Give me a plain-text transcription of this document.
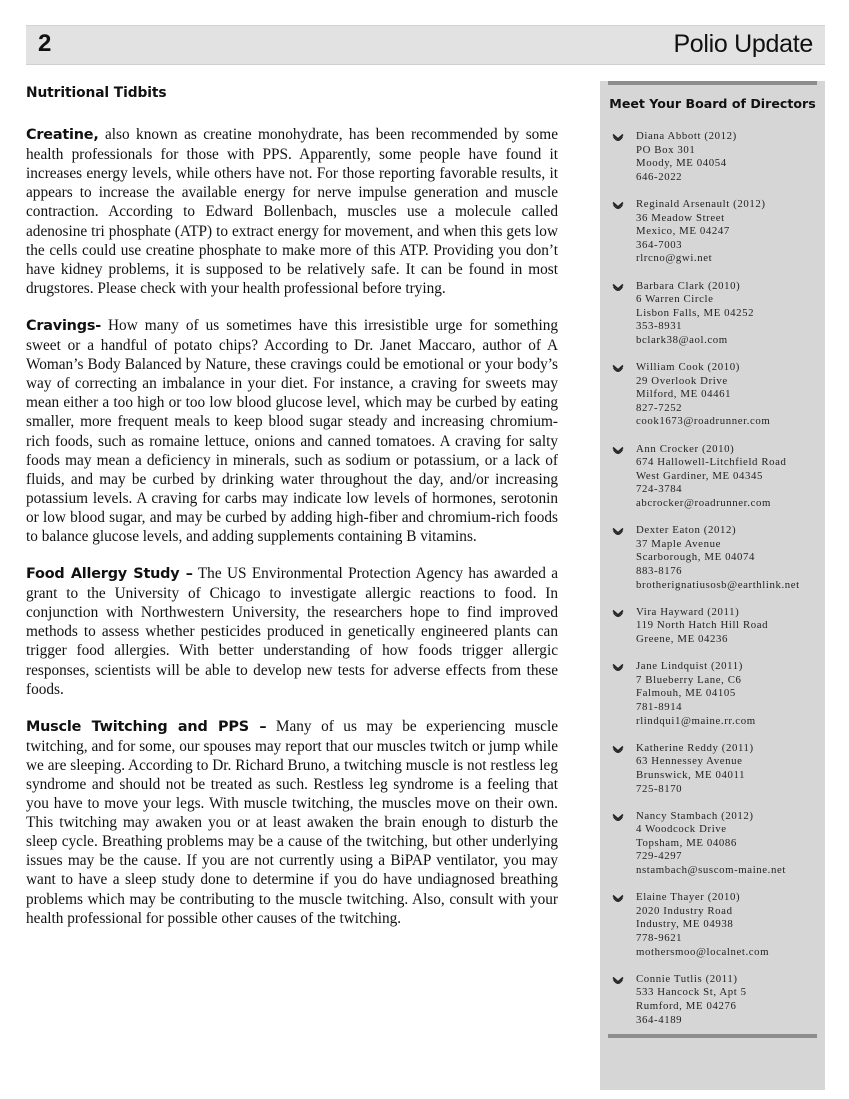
2	Polio Update
Nutritional Tidbits

Creatine, also known as creatine monohydrate, has been recommended by some health professionals for those with PPS. Apparently, some people have found it increases energy levels, while others have not. For those reporting favorable results, it appears to increase the available energy for nerve impulse generation and muscle contraction. According to Edward Bollenbach, muscles use a molecule called adenosine tri phosphate (ATP) to extract energy for movement, and when this gets low the cells could use creatine phosphate to make more of this ATP. Providing you don’t have kidney problems, it is supposed to be relatively safe. It can be found in most drugstores. Please check with your health professional before trying.

Cravings- How many of us sometimes have this irresistible urge for something sweet or a handful of potato chips? According to Dr. Janet Maccaro, author of A Woman’s Body Balanced by Nature, these cravings could be emotional or your body’s way of correcting an imbalance in your diet. For instance, a craving for sweets may mean either a too high or too low blood glucose level, which may be curbed by eating smaller, more frequent meals to keep blood sugar steady and increasing chromium-rich foods, such as romaine lettuce, onions and canned tomatoes. A craving for salty foods may mean a deficiency in minerals, such as sodium or potassium, or a lack of fluids, and may be curbed by drinking water throughout the day, and/or increasing potassium levels. A craving for carbs may indicate low levels of hormones, serotonin or low blood sugar, and may be curbed by adding high-fiber and chromium-rich foods to balance glucose levels, and adding supplements containing B vitamins.

Food Allergy Study – The US Environmental Protection Agency has awarded a grant to the University of Chicago to investigate allergic reactions to food. In conjunction with Northwestern University, the researchers hope to find improved methods to assess whether pesticides produced in genetically engineered plants can trigger food allergies. With better understanding of how foods trigger allergic responses, scientists will be able to develop new tests for adverse effects from these foods.

Muscle Twitching and PPS – Many of us may be experiencing muscle twitching, and for some, our spouses may report that our muscles twitch or jump while we are sleeping. According to Dr. Richard Bruno, a twitching muscle is not restless leg syndrome and should not be treated as such. Restless leg syndrome is a feeling that you have to move your legs. With muscle twitching, the muscles move on their own. This twitching may awaken you or at least awaken the brain enough to disturb the sleep cycle. Breathing problems may be a cause of the twitching, but other underlying issues may be the cause. If you are not currently using a BiPAP ventilator, you may want to have a sleep study done to determine if you do have undiagnosed breathing problems which may be contributing to the muscle twitching. Also, consult with your health professional for possible other causes of the twitching.

Meet Your Board of Directors
Diana Abbott (2012)
PO Box 301
Moody, ME 04054
646-2022
Reginald Arsenault (2012)
36 Meadow Street
Mexico, ME 04247
364-7003
rlrcno@gwi.net
Barbara Clark (2010)
6 Warren Circle
Lisbon Falls, ME 04252
353-8931
bclark38@aol.com
William Cook (2010)
29 Overlook Drive
Milford, ME 04461
827-7252
cook1673@roadrunner.com
Ann Crocker (2010)
674 Hallowell-Litchfield Road
West Gardiner, ME 04345
724-3784
abcrocker@roadrunner.com
Dexter Eaton (2012)
37 Maple Avenue
Scarborough, ME 04074
883-8176
brotherignatiusosb@earthlink.net
Vira Hayward (2011)
119 North Hatch Hill Road
Greene, ME 04236
Jane Lindquist (2011)
7 Blueberry Lane, C6
Falmouh, ME 04105
781-8914
rlindqui1@maine.rr.com
Katherine Reddy (2011)
63 Hennessey Avenue
Brunswick, ME 04011
725-8170
Nancy Stambach (2012)
4 Woodcock Drive
Topsham, ME 04086
729-4297
nstambach@suscom-maine.net
Elaine Thayer (2010)
2020 Industry Road
Industry, ME 04938
778-9621
mothersmoo@localnet.com
Connie Tutlis (2011)
533 Hancock St, Apt 5
Rumford, ME 04276
364-4189
